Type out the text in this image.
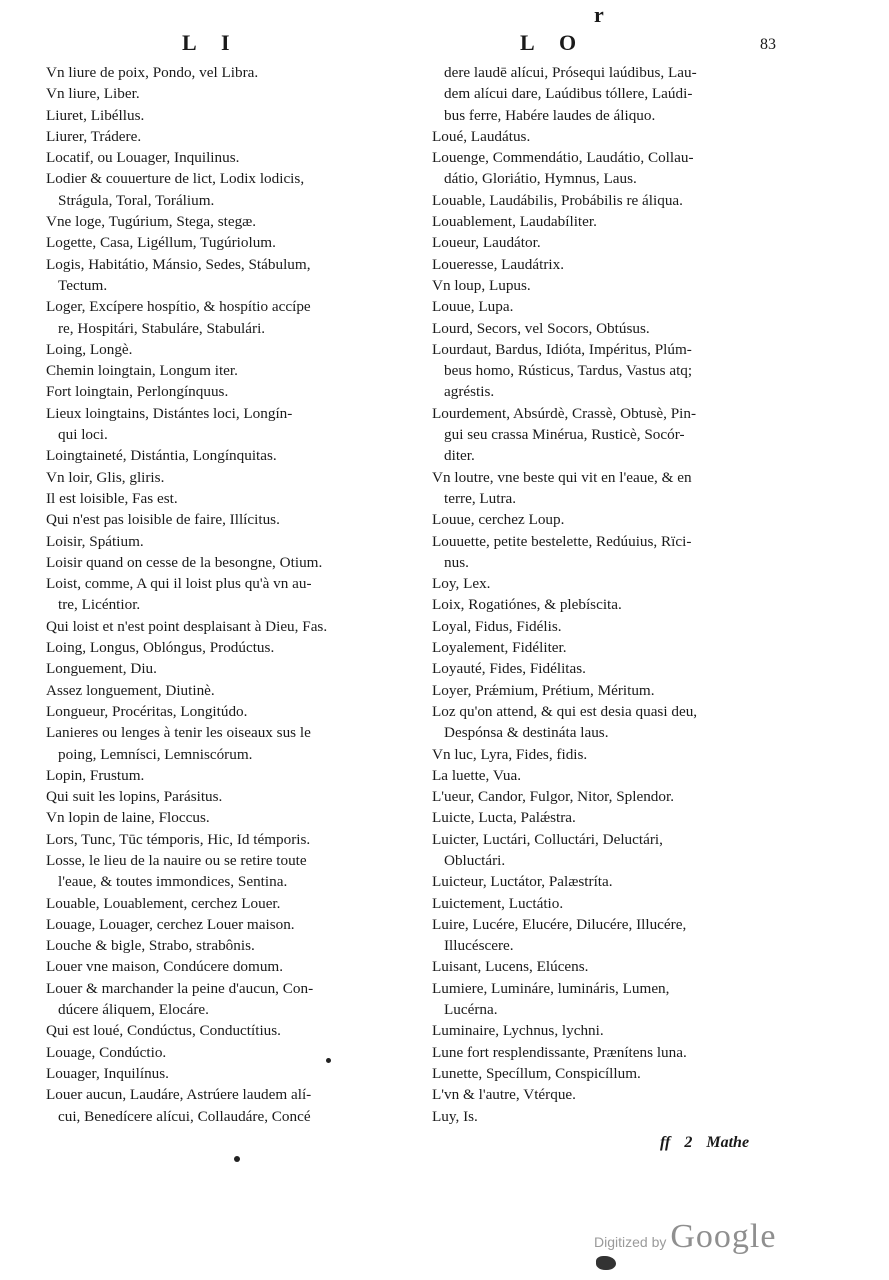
r
L I	L O	83
Vn liure de poix, Pondo, vel Libra.
Vn liure, Liber.
Liuret, Libéllus.
Liurer, Trádere.
Locatif, ou Louager, Inquilinus.
Lodier & couuerture de lict, Lodix lodicis,
Strágula, Toral, Torálium.
Vne loge, Tugúrium, Stega, stegæ.
Logette, Casa, Ligéllum, Tugúriolum.
Logis, Habitátio, Mánsio, Sedes, Stábulum,
Tectum.
Loger, Excípere hospítio, & hospítio accípe
re, Hospitári, Stabuláre, Stabulári.
Loing, Longè.
Chemin loingtain, Longum iter.
Fort loingtain, Perlongínquus.
Lieux loingtains, Distántes loci, Longín-
qui loci.
Loingtaineté, Distántia, Longínquitas.
Vn loir, Glis, gliris.
Il est loisible, Fas est.
Qui n'est pas loisible de faire, Illícitus.
Loisir, Spátium.
Loisir quand on cesse de la besongne, Otium.
Loist, comme, A qui il loist plus qu'à vn au-
tre, Licéntior.
Qui loist et n'est point desplaisant à Dieu, Fas.
Loing, Longus, Oblóngus, Prodúctus.
Longuement, Diu.
Assez longuement, Diutinè.
Longueur, Procéritas, Longitúdo.
Lanieres ou lenges à tenir les oiseaux sus le
poing, Lemnísci, Lemniscórum.
Lopin, Frustum.
Qui suit les lopins, Parásitus.
Vn lopin de laine, Floccus.
Lors, Tunc, Tūc témporis, Hic, Id témporis.
Losse, le lieu de la nauire ou se retire toute
l'eaue, & toutes immondices, Sentina.
Louable, Louablement, cerchez Louer.
Louage, Louager, cerchez Louer maison.
Louche & bigle, Strabo, strabônis.
Louer vne maison, Condúcere domum.
Louer & marchander la peine d'aucun, Con-
dúcere áliquem, Elocáre.
Qui est loué, Condúctus, Conductítius.
Louage, Condúctio.
Louager, Inquilínus.
Louer aucun, Laudáre, Astrúere laudem alí-
cui, Benedícere alícui, Collaudáre, Concé
dere laudē alícui, Prósequi laúdibus, Lau-
dem alícui dare, Laúdibus tóllere, Laúdi-
bus ferre, Habére laudes de áliquo.
Loué, Laudátus.
Louenge, Commendátio, Laudátio, Collau-
dátio, Gloriátio, Hymnus, Laus.
Louable, Laudábilis, Probábilis re áliqua.
Louablement, Laudabíliter.
Loueur, Laudátor.
Loueresse, Laudátrix.
Vn loup, Lupus.
Louue, Lupa.
Lourd, Secors, vel Socors, Obtúsus.
Lourdaut, Bardus, Idióta, Impéritus, Plúm-
beus homo, Rústicus, Tardus, Vastus atq;
agréstis.
Lourdement, Absúrdè, Crassè, Obtusè, Pin-
gui seu crassa Minérua, Rusticè, Socór-
diter.
Vn loutre, vne beste qui vit en l'eaue, & en
terre, Lutra.
Louue, cerchez Loup.
Louuette, petite bestelette, Redúuius, Rïci-
nus.
Loy, Lex.
Loix, Rogatiónes, & plebíscita.
Loyal, Fidus, Fidélis.
Loyalement, Fidéliter.
Loyauté, Fides, Fidélitas.
Loyer, Prǽmium, Prétium, Méritum.
Loz qu'on attend, & qui est desia quasi deu,
Despónsa & destináta laus.
Vn luc, Lyra, Fides, fidis.
La luette, Vua.
L'ueur, Candor, Fulgor, Nitor, Splendor.
Luicte, Lucta, Palǽstra.
Luicter, Luctári, Colluctári, Deluctári,
Obluctári.
Luicteur, Luctátor, Palæstríta.
Luictement, Luctátio.
Luire, Lucére, Elucére, Dilucére, Illucére,
Illucéscere.
Luisant, Lucens, Elúcens.
Lumiere, Lumináre, lumináris, Lumen,
Lucérna.
Luminaire, Lychnus, lychni.
Lune fort resplendissante, Prænítens luna.
Lunette, Specíllum, Conspicíllum.
L'vn & l'autre, Vtérque.
Luy, Is.
ff 2 Mathe
Digitized by Google
